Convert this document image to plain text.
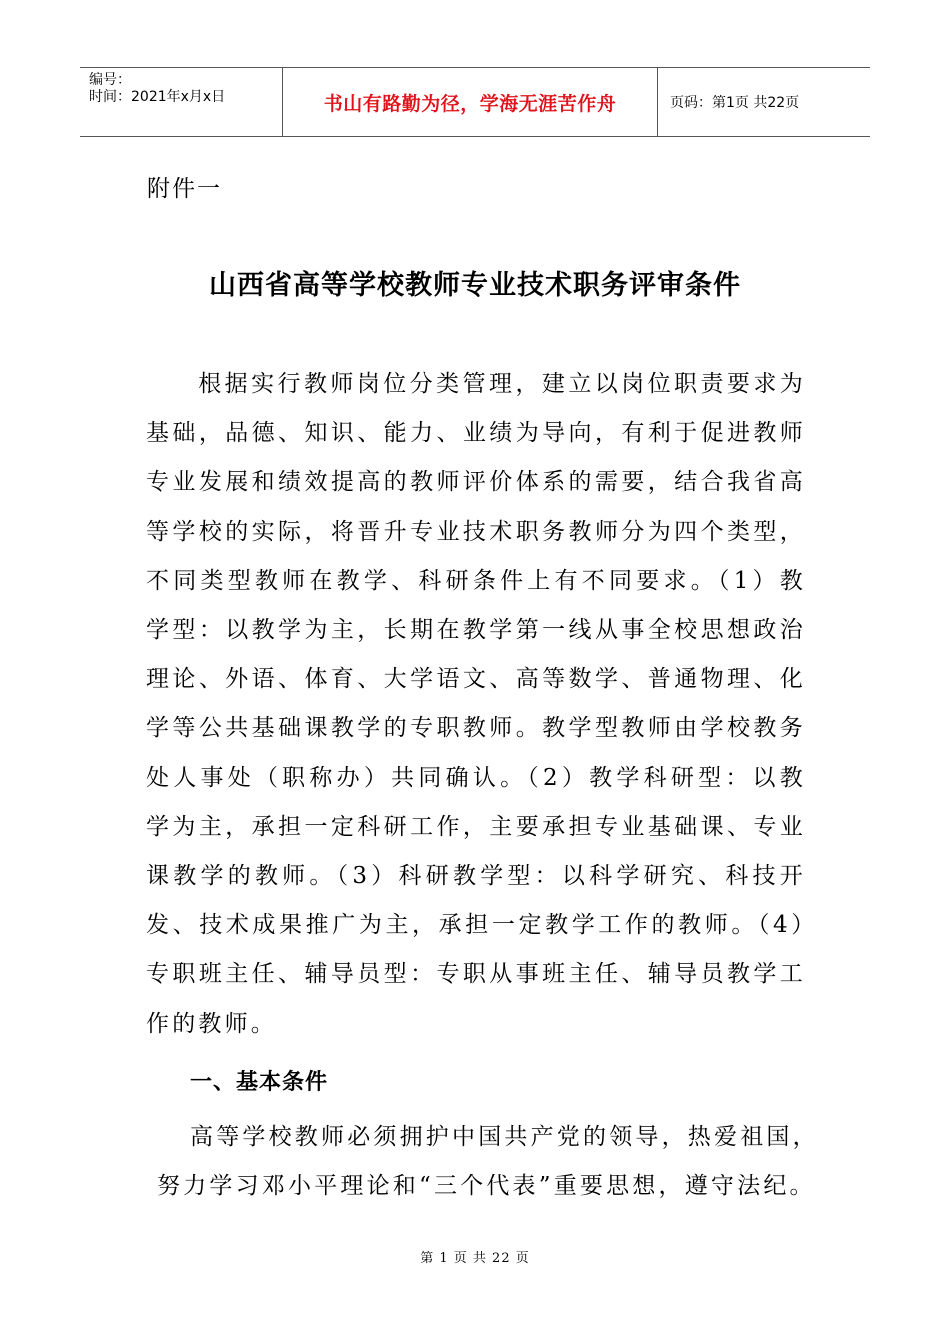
编号：
时间：2021年x月x日	书山有路勤为径，学海无涯苦作舟	页码：第1页 共22页
附件一
山西省高等学校教师专业技术职务评审条件

根据实行教师岗位分类管理，建立以岗位职责要求为基础，品德、知识、能力、业绩为导向，有利于促进教师专业发展和绩效提高的教师评价体系的需要，结合我省高等学校的实际，将晋升专业技术职务教师分为四个类型，不同类型教师在教学、科研条件上有不同要求。（1）教学型：以教学为主，长期在教学第一线从事全校思想政治理论、外语、体育、大学语文、高等数学、普通物理、化学等公共基础课教学的专职教师。教学型教师由学校教务处人事处（职称办）共同确认。（2）教学科研型：以教学为主，承担一定科研工作，主要承担专业基础课、专业课教学的教师。（3）科研教学型：以科学研究、科技开发、技术成果推广为主，承担一定教学工作的教师。（4）专职班主任、辅导员型：专职从事班主任、辅导员教学工作的教师。

一、基本条件
高等学校教师必须拥护中国共产党的领导，热爱祖国，
努力学习邓小平理论和“三个代表”重要思想，遵守法纪。
第 1 页 共 22 页
